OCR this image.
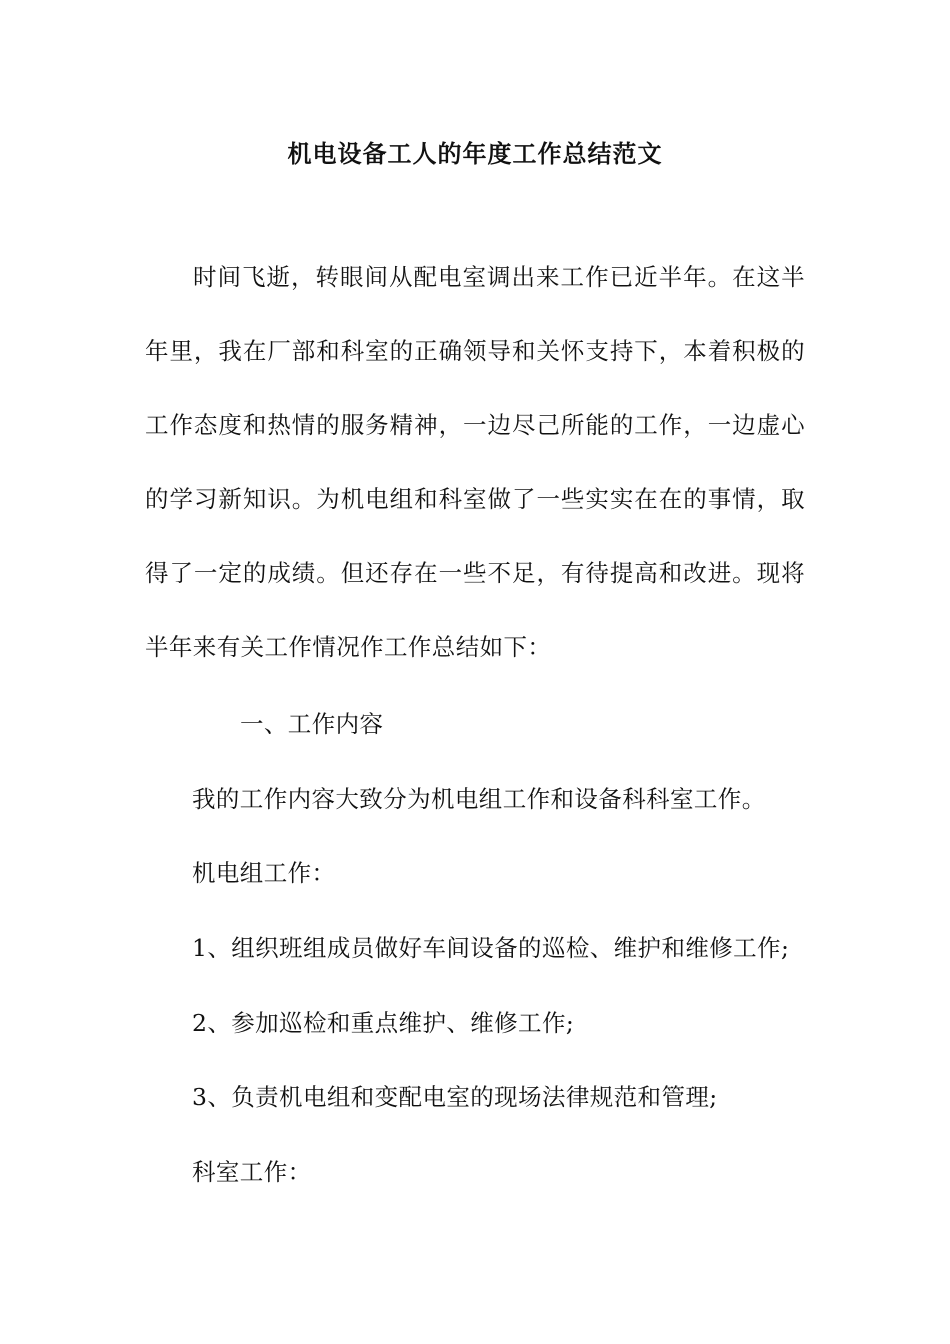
机电设备工人的年度工作总结范文

时间飞逝，转眼间从配电室调出来工作已近半年。在这半年里，我在厂部和科室的正确领导和关怀支持下，本着积极的工作态度和热情的服务精神，一边尽己所能的工作，一边虚心的学习新知识。为机电组和科室做了一些实实在在的事情，取得了一定的成绩。但还存在一些不足，有待提高和改进。现将半年来有关工作情况作工作总结如下：

一、工作内容

我的工作内容大致分为机电组工作和设备科科室工作。

机电组工作：

1、组织班组成员做好车间设备的巡检、维护和维修工作;

2、参加巡检和重点维护、维修工作;

3、负责机电组和变配电室的现场法律规范和管理;

科室工作：
